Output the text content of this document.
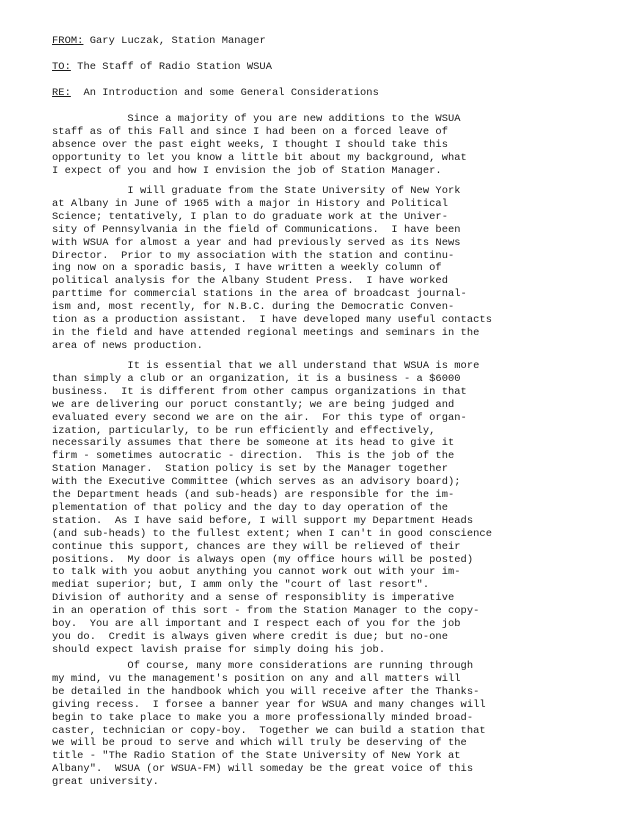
FROM: Gary Luczak, Station Manager
TO: The Staff of Radio Station WSUA
RE: An Introduction and some General Considerations
Since a majority of you are new additions to the WSUA
staff as of this Fall and since I had been on a forced leave of
absence over the past eight weeks, I thought I should take this
opportunity to let you know a little bit about my background, what
I expect of you and how I envision the job of Station Manager.
I will graduate from the State University of New York
at Albany in June of 1965 with a major in History and Political
Science; tentatively, I plan to do graduate work at the Univer-
sity of Pennsylvania in the field of Communications.  I have been
with WSUA for almost a year and had previously served as its News
Director.  Prior to my association with the station and continu-
ing now on a sporadic basis, I have written a weekly column of
political analysis for the Albany Student Press.  I have worked
parttime for commercial stations in the area of broadcast journal-
ism and, most recently, for N.B.C. during the Democratic Conven-
tion as a production assistant.  I have developed many useful contacts
in the field and have attended regional meetings and seminars in the
area of news production.
It is essential that we all understand that WSUA is more
than simply a club or an organization, it is a business - a $6000
business.  It is different from other campus organizations in that
we are delivering our poruct constantly; we are being judged and
evaluated every second we are on the air.  For this type of organ-
ization, particularly, to be run efficiently and effectively,
necessarily assumes that there be someone at its head to give it
firm - sometimes autocratic - direction.  This is the job of the
Station Manager.  Station policy is set by the Manager together
with the Executive Committee (which serves as an advisory board);
the Department heads (and sub-heads) are responsible for the im-
plementation of that policy and the day to day operation of the
station.  As I have said before, I will support my Department Heads
(and sub-heads) to the fullest extent; when I can't in good conscience
continue this support, chances are they will be relieved of their
positions.  My door is always open (my office hours will be posted)
to talk with you aobut anything you cannot work out with your im-
mediat superior; but, I amm only the "court of last resort".
Division of authority and a sense of responsiblity is imperative
in an operation of this sort - from the Station Manager to the copy-
boy.  You are all important and I respect each of you for the job
you do.  Credit is always given where credit is due; but no-one
should expect lavish praise for simply doing his job.
Of course, many more considerations are running through
my mind, vu the management's position on any and all matters will
be detailed in the handbook which you will receive after the Thanks-
giving recess.  I forsee a banner year for WSUA and many changes will
begin to take place to make you a more professionally minded broad-
caster, technician or copy-boy.  Together we can build a station that
we will be proud to serve and which will truly be deserving of the
title - "The Radio Station of the State University of New York at
Albany".  WSUA (or WSUA-FM) will someday be the great voice of this
great university.
